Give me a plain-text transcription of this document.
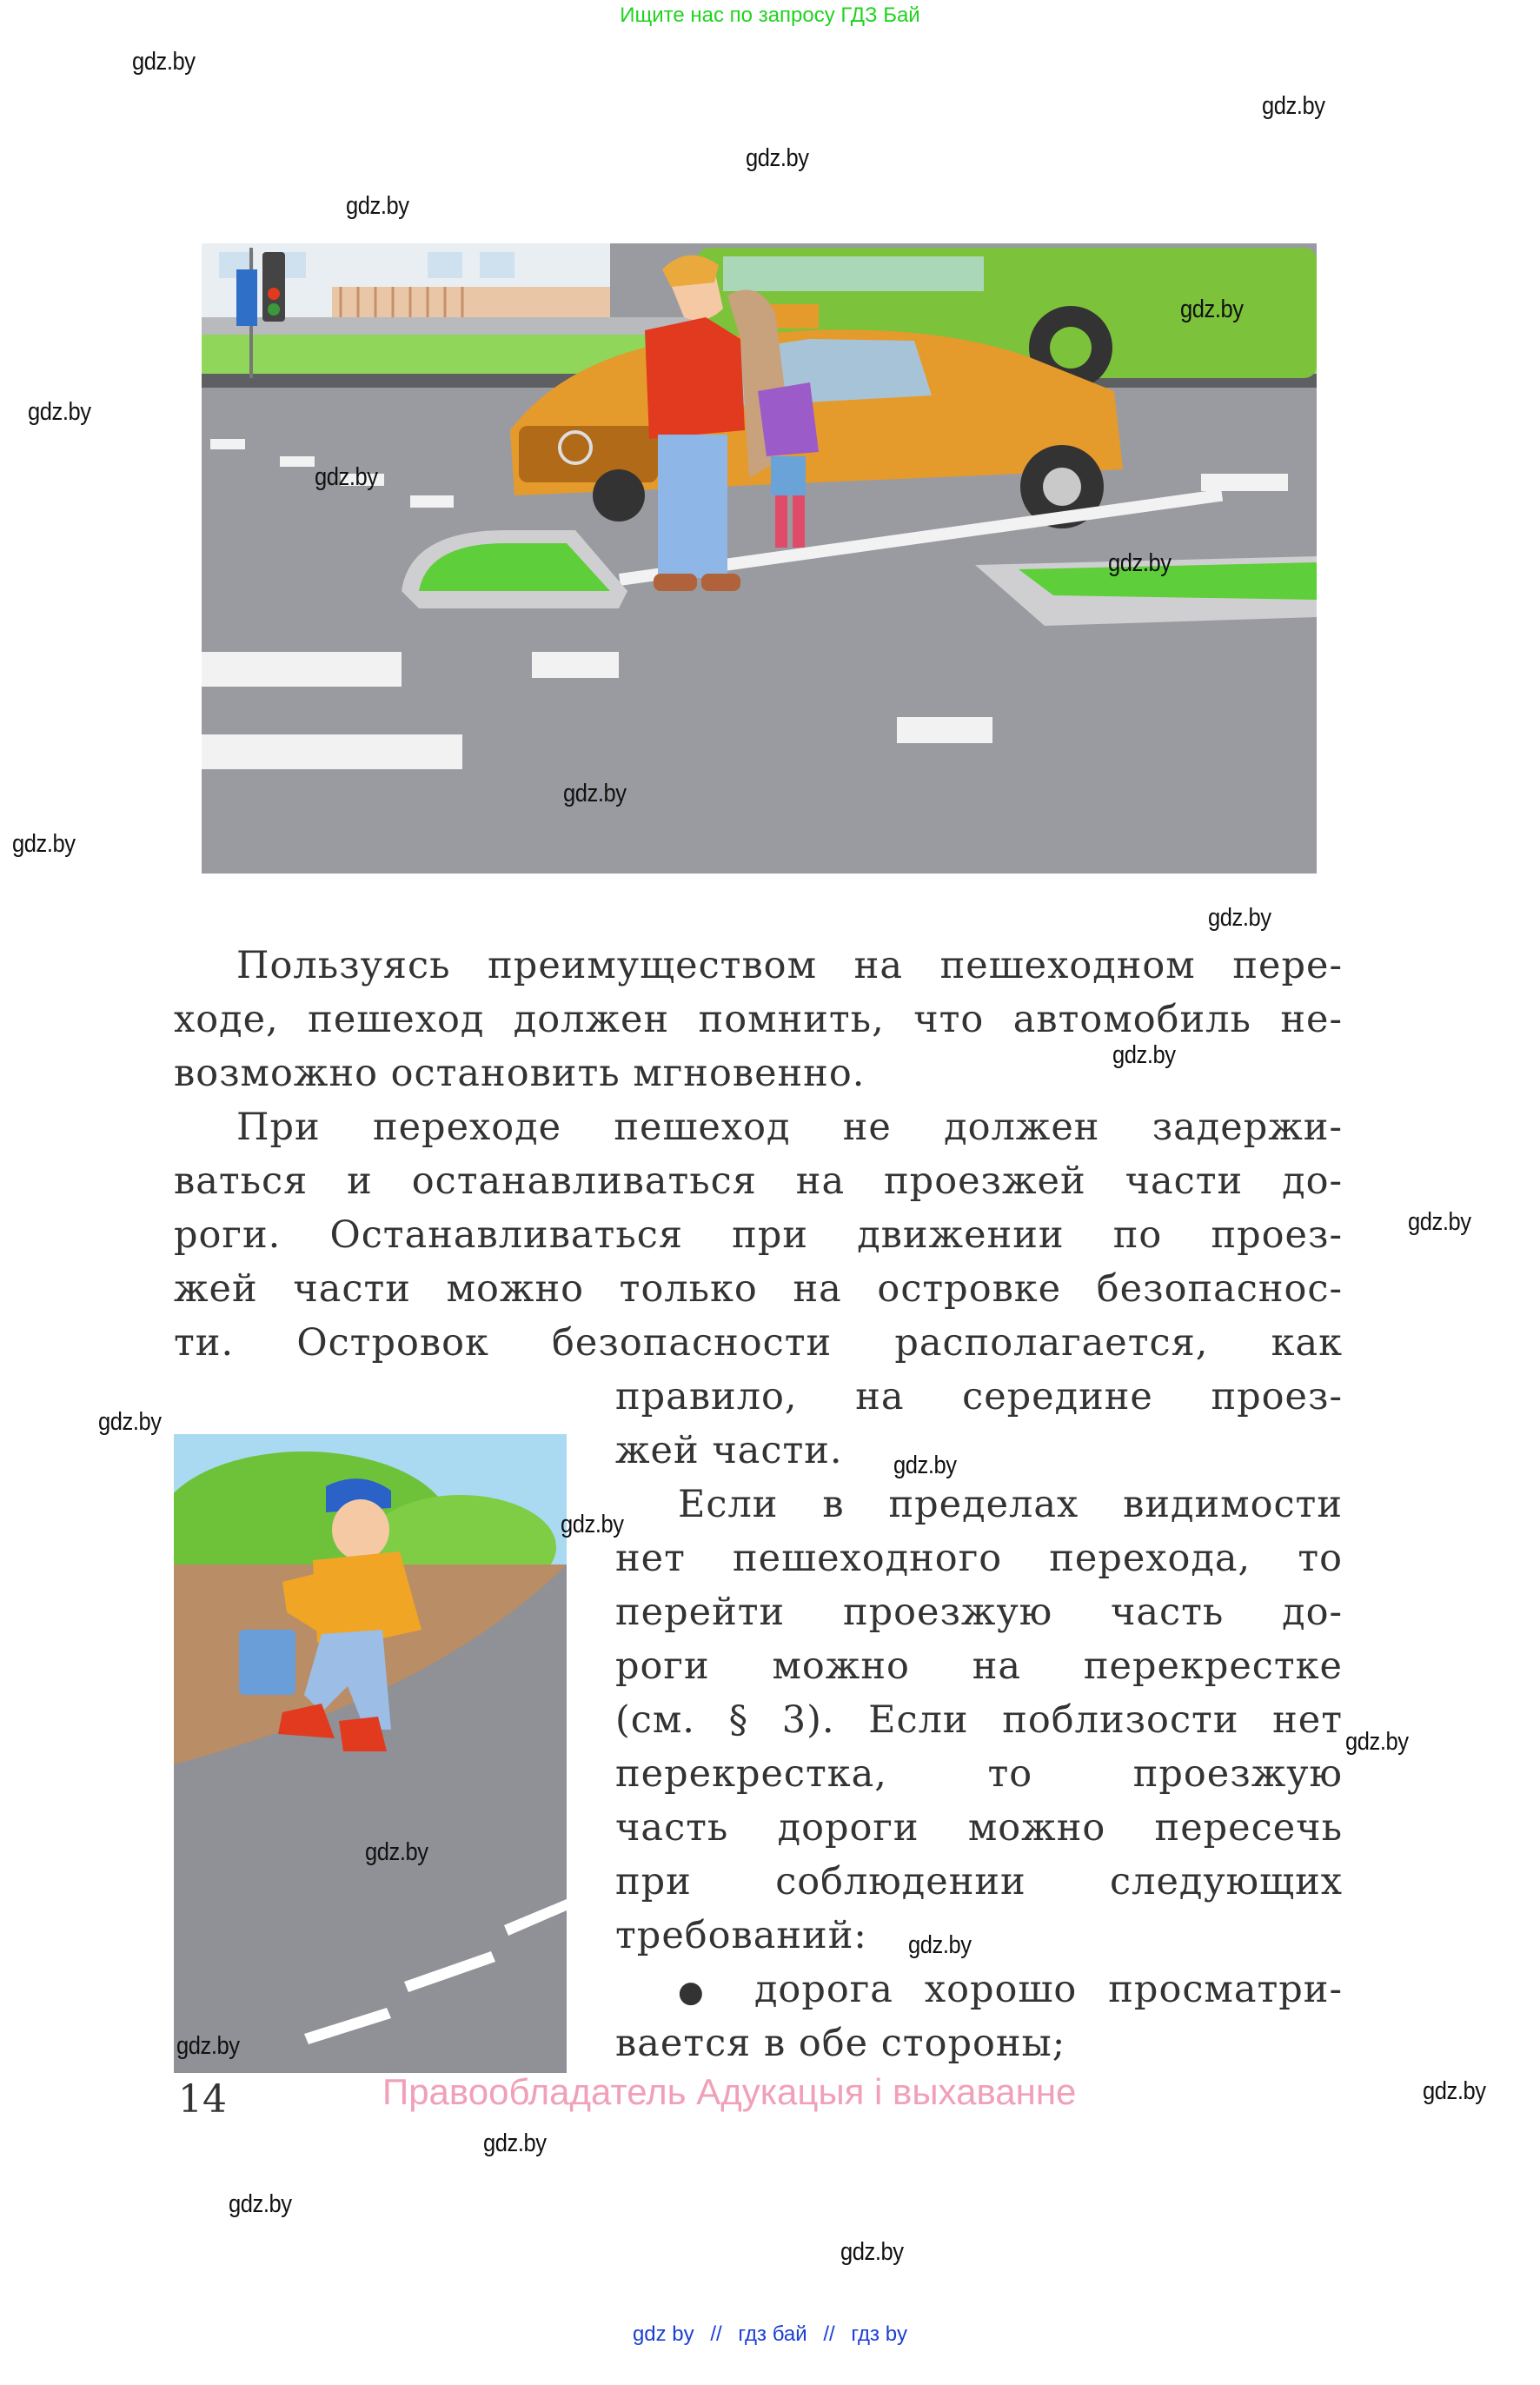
Ищите нас по запросу ГДЗ Бай
Пользуясь преимуществом на пешеходном пере-
ходе, пешеход должен помнить, что автомобиль не-
возможно остановить мгновенно.
При переходе пешеход не должен задержи-
ваться и останавливаться на проезжей части до-
роги. Останавливаться при движении по проез-
жей части можно только на островке безопаснос-
ти. Островок безопасности располагается, как
правило, на середине проез-
жей части.
Если в пределах видимости
нет пешеходного перехода, то
перейти проезжую часть до-
роги можно на перекрестке
(см. § 3). Если поблизости нет
перекрестка, то проезжую
часть дороги можно пересечь
при соблюдении следующих
требований:
● дорога хорошо просматри-
вается в обе стороны;
gdz.by
gdz.by
gdz.by
gdz.by
gdz.by
gdz.by
gdz.by
gdz.by
gdz.by
gdz.by
gdz.by
gdz.by
gdz.by
gdz.by
gdz.by
gdz.by
gdz.by
gdz.by
gdz.by
gdz.by
gdz.by
gdz.by
gdz.by
gdz.by
14	Правообладатель Адукацыя і выхаванне
gdz by // гдз бай // гдз by
